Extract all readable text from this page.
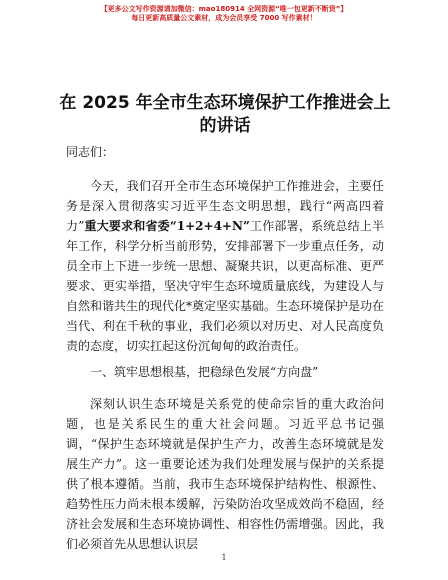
【更多公文写作资源请加微信：mao180914 全网资源“唯一包更新不断货”】
每日更新高质量公文素材，成为会员享受 7000 写作素材！
在 2025 年全市生态环境保护工作推进会上的讲话

同志们：

今天，我们召开全市生态环境保护工作推进会，主要任务是深入贯彻落实习近平生态文明思想，践行“两高四着力”重大要求和省委“1+2+4+N”工作部署，系统总结上半年工作，科学分析当前形势，安排部署下一步重点任务，动员全市上下进一步统一思想、凝聚共识，以更高标准、更严要求、更实举措，坚决守牢生态环境质量底线，为建设人与自然和谐共生的现代化*奠定坚实基础。生态环境保护是功在当代、利在千秋的事业，我们必须以对历史、对人民高度负责的态度，切实扛起这份沉甸甸的政治责任。

一、筑牢思想根基，把稳绿色发展“方向盘”

深刻认识生态环境是关系党的使命宗旨的重大政治问题，也是关系民生的重大社会问题。习近平总书记强调，“保护生态环境就是保护生产力，改善生态环境就是发展生产力”。这一重要论述为我们处理发展与保护的关系提供了根本遵循。当前，我市生态环境保护结构性、根源性、趋势性压力尚未根本缓解，污染防治攻坚成效尚不稳固，经济社会发展和生态环境协调性、相容性仍需增强。因此，我们必须首先从思想认识层

1
